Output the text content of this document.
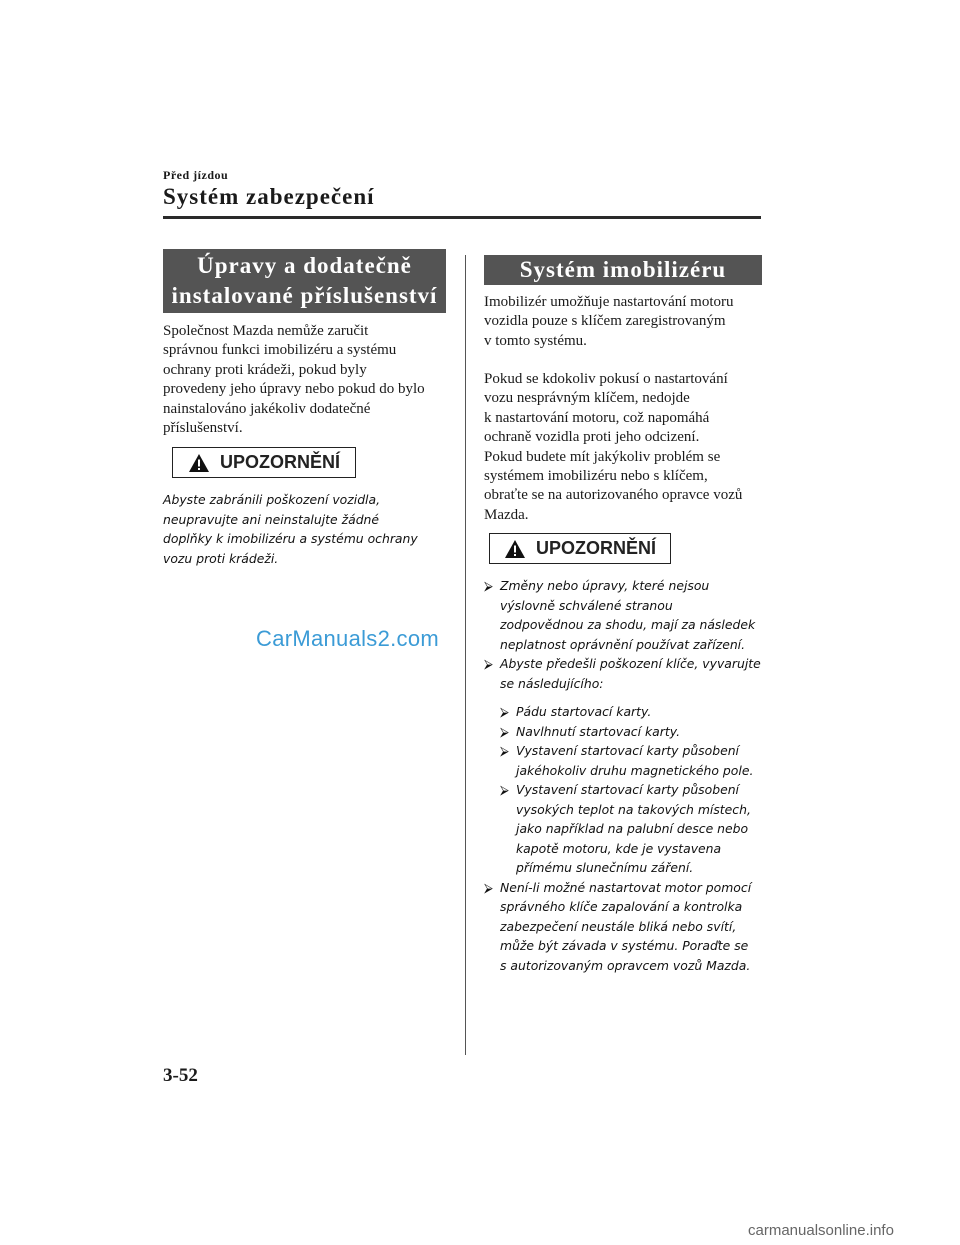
Před jízdou
Systém zabezpečení
Úpravy a dodatečně
instalované příslušenství
Společnost Mazda nemůže zaručit
správnou funkci imobilizéru a systému
ochrany proti krádeži, pokud byly
provedeny jeho úpravy nebo pokud do bylo
nainstalováno jakékoliv dodatečné
příslušenství.
UPOZORNĚNÍ
Abyste zabránili poškození vozidla,
neupravujte ani neinstalujte žádné
doplňky k imobilizéru a systému ochrany
vozu proti krádeži.
CarManuals2.com
Systém imobilizéru
Imobilizér umožňuje nastartování motoru
vozidla pouze s klíčem zaregistrovaným
v tomto systému.
Pokud se kdokoliv pokusí o nastartování
vozu nesprávným klíčem, nedojde
k nastartování motoru, což napomáhá
ochraně vozidla proti jeho odcizení.
Pokud budete mít jakýkoliv problém se
systémem imobilizéru nebo s klíčem,
obraťte se na autorizovaného opravce vozů
Mazda.
UPOZORNĚNÍ
⮚ Změny nebo úpravy, které nejsou
výslovně schválené stranou
zodpovědnou za shodu, mají za následek
neplatnost oprávnění používat zařízení.
⮚ Abyste předešli poškození klíče, vyvarujte
se následujícího:
⮚ Pádu startovací karty.
⮚ Navlhnutí startovací karty.
⮚ Vystavení startovací karty působení
jakéhokoliv druhu magnetického pole.
⮚ Vystavení startovací karty působení
vysokých teplot na takových místech,
jako například na palubní desce nebo
kapotě motoru, kde je vystavena
přímému slunečnímu záření.
⮚ Není-li možné nastartovat motor pomocí
správného klíče zapalování a kontrolka
zabezpečení neustále bliká nebo svítí,
může být závada v systému. Poraďte se
s autorizovaným opravcem vozů Mazda.
3-52
carmanualsonline.info
